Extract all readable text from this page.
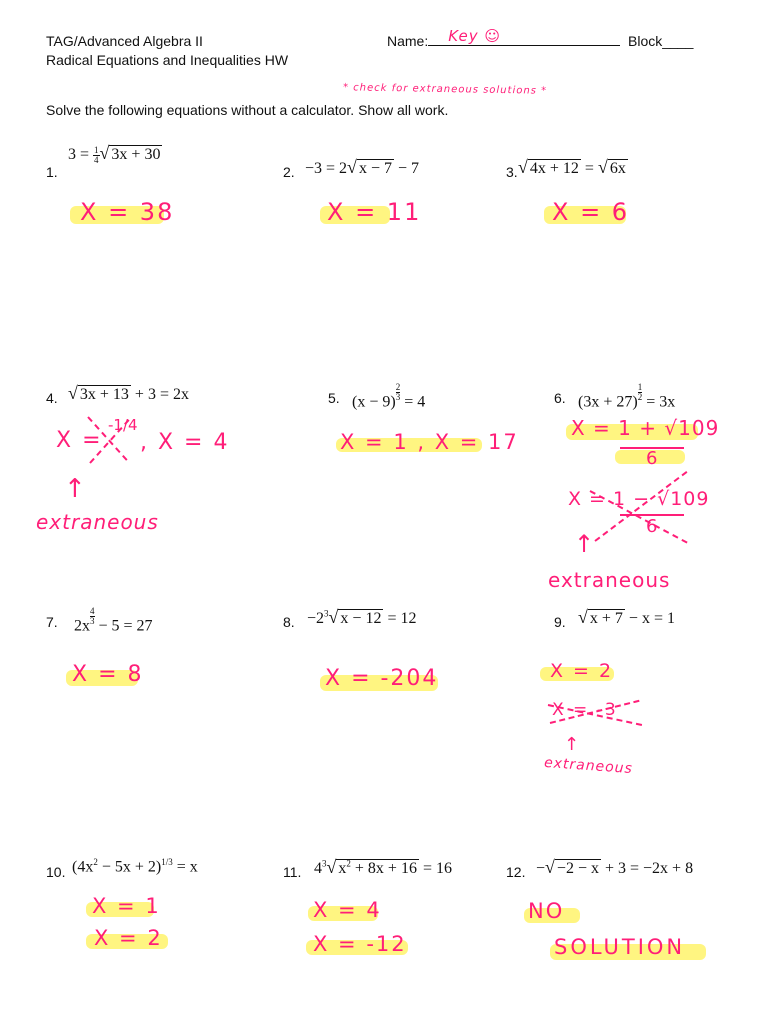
TAG/Advanced Algebra II
Radical Equations and Inequalities HW
Name: Key ☺	Block____
* check for extraneous solutions *
Solve the following equations without a calculator. Show all work.
1.
$3 = \frac{1}{4}$ √ 3x + 30
2. −3 = 2√ x − 7 − 7	3. √ 4x + 12 = √ 6x
X = 38	X = 11	X = 6
4. √ 3x + 13 + 3 = 2x	5. $(x - 9) \frac{2}{3} = 4$	6. $(3x + 27) \frac{1}{2} = 3x$
X =
-1/4
, X = 4
↑
extraneous
X = 1 , X = 17
X = 1 + √109
6
X = 1 − √109
6
↑
extraneous
7. $2x \frac{4}{3} - 5 = 27$	8. $-2^3√$ x − 12 = 12	9. √ x + 7 − x = 1
X = 8	X = -204	X = 2
X = -3
↑
extraneous
10. $(4x^2 - 5x + 2)^{1/3} = x$	11. $4^3√$ $x^2 + 8x + 16 = 16$	12. −√ −2 − x + 3 = −2x + 8
X = 1
X = 2
X = 4
X = -12
NO
SOLUTION
